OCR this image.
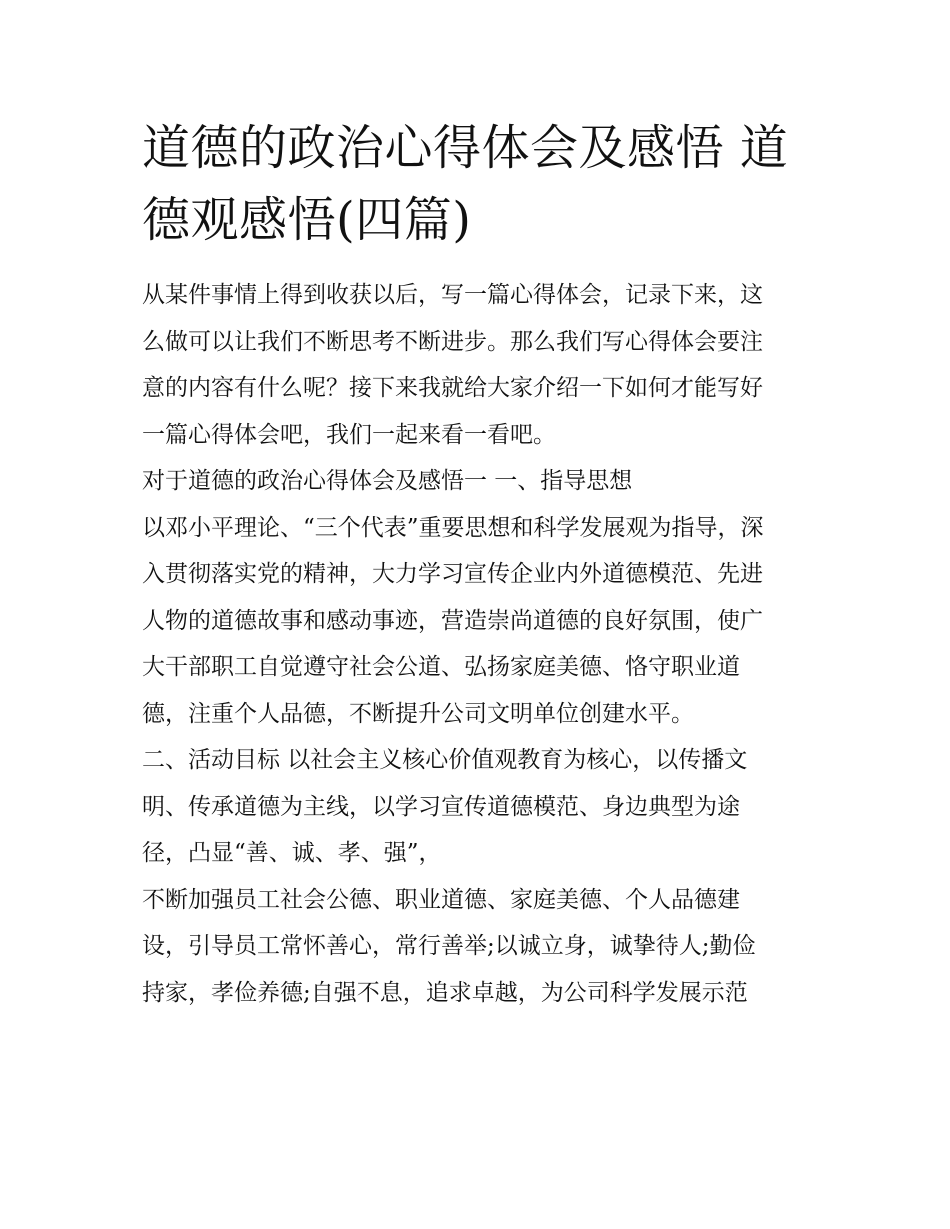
道德的政治心得体会及感悟 道
德观感悟(四篇)
从某件事情上得到收获以后，写一篇心得体会，记录下来，这
么做可以让我们不断思考不断进步。那么我们写心得体会要注
意的内容有什么呢？接下来我就给大家介绍一下如何才能写好
一篇心得体会吧，我们一起来看一看吧。
对于道德的政治心得体会及感悟一 一、指导思想
以邓小平理论、“三个代表”重要思想和科学发展观为指导，深
入贯彻落实党的精神，大力学习宣传企业内外道德模范、先进
人物的道德故事和感动事迹，营造崇尚道德的良好氛围，使广
大干部职工自觉遵守社会公道、弘扬家庭美德、恪守职业道
德，注重个人品德，不断提升公司文明单位创建水平。
二、活动目标 以社会主义核心价值观教育为核心，以传播文
明、传承道德为主线，以学习宣传道德模范、身边典型为途
径，凸显“善、诚、孝、强”，
不断加强员工社会公德、职业道德、家庭美德、个人品德建
设，引导员工常怀善心，常行善举;以诚立身，诚挚待人;勤俭
持家，孝俭养德;自强不息，追求卓越，为公司科学发展示范
